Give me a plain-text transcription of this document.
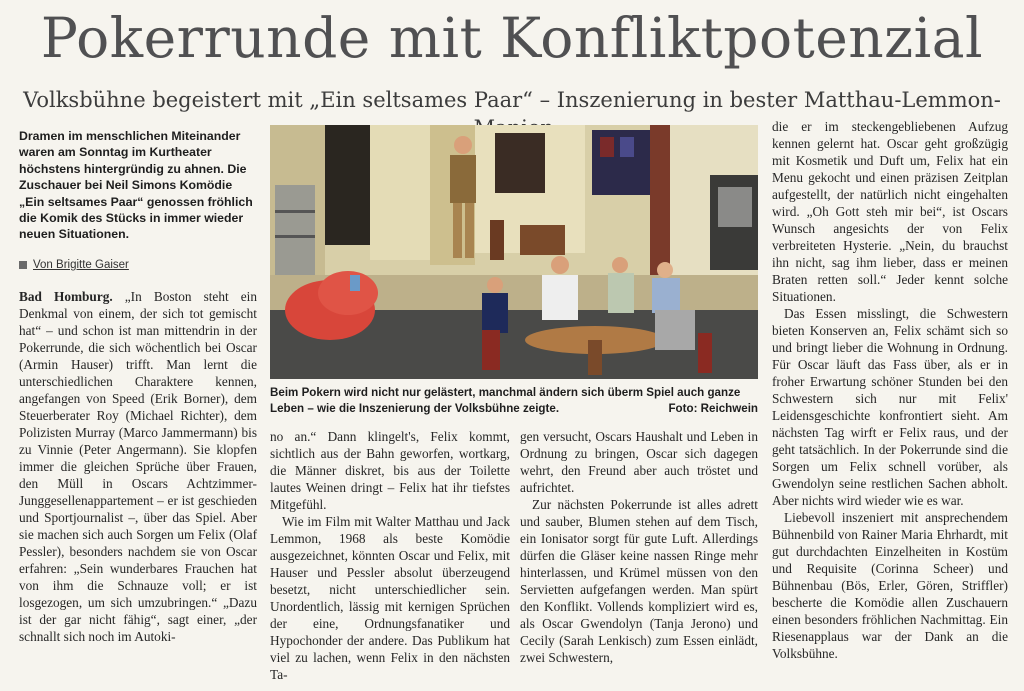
Pokerrunde mit Konfliktpotenzial
Volksbühne begeistert mit „Ein seltsames Paar“ – Inszenierung in bester Matthau-Lemmon-

Dramen im menschlichen Miteinander waren am Sonntag im Kurtheater höchstens hintergründig zu ahnen. Die Zuschauer bei Neil Simons Komödie „Ein seltsames Paar“ genossen fröhlich die Komik des Stücks in immer wieder neuen Situationen.

Von Brigitte Gaiser

Bad Homburg. „In Boston steht ein Denkmal von einem, der sich tot gemischt hat“ – und schon ist man mittendrin in der Pokerrunde, die sich wöchentlich bei Oscar (Armin Hauser) trifft. Man lernt die unterschiedlichen Charaktere kennen, angefangen von Speed (Erik Borner), dem Steuerberater Roy (Michael Richter), dem Polizisten Murray (Marco Jammermann) bis zu Vinnie (Peter Angermann). Sie klopfen immer die gleichen Sprüche über Frauen, den Müll in Oscars Achtzimmer-Junggesellenappartement – er ist geschieden und Sportjournalist –, über das Spiel. Aber sie machen sich auch Sorgen um Felix (Olaf Pessler), besonders nachdem sie von Oscar erfahren: „Sein wunderbares Frauchen hat von ihm die Schnauze voll; er ist losgezogen, um sich umzubringen.“ „Dazu ist der gar nicht fähig“, sagt einer, „der schnallt sich noch im Autoki-

Beim Pokern wird nicht nur gelästert, manchmal ändern sich überm Spiel auch ganze Leben – wie die Inszenierung der Volksbühne zeigte.	Foto: Reichwein

no an.“ Dann klingelt's, Felix kommt, sichtlich aus der Bahn geworfen, wortkarg, die Männer diskret, bis aus der Toilette lautes Weinen dringt – Felix hat ihr tiefstes Mitgefühl.

Wie im Film mit Walter Matthau und Jack Lemmon, 1968 als beste Komödie ausgezeichnet, könnten Oscar und Felix, mit Hauser und Pessler absolut überzeugend besetzt, nicht unterschiedlicher sein. Unordentlich, lässig mit kernigen Sprüchen der eine, Ordnungsfanatiker und Hypochonder der andere. Das Publikum hat viel zu lachen, wenn Felix in den nächsten Ta-

gen versucht, Oscars Haushalt und Leben in Ordnung zu bringen, Oscar sich dagegen wehrt, den Freund aber auch tröstet und aufrichtet.

Zur nächsten Pokerrunde ist alles adrett und sauber, Blumen stehen auf dem Tisch, ein Ionisator sorgt für gute Luft. Allerdings dürfen die Gläser keine nassen Ringe mehr hinterlassen, und Krümel müssen von den Servietten aufgefangen werden. Man spürt den Konflikt. Vollends kompliziert wird es, als Oscar Gwendolyn (Tanja Jerono) und Cecily (Sarah Lenkisch) zum Essen einlädt, zwei Schwestern,

die er im steckengebliebenen Aufzug kennen gelernt hat. Oscar geht großzügig mit Kosmetik und Duft um, Felix hat ein Menu gekocht und einen präzisen Zeitplan aufgestellt, der natürlich nicht eingehalten wird. „Oh Gott steh mir bei“, ist Oscars Wunsch angesichts der von Felix verbreiteten Hysterie. „Nein, du brauchst ihn nicht, sag ihm lieber, dass er meinen Braten retten soll.“ Jeder kennt solche Situationen.

Das Essen misslingt, die Schwestern bieten Konserven an, Felix schämt sich so und bringt lieber die Wohnung in Ordnung. Für Oscar läuft das Fass über, als er in froher Erwartung schöner Stunden bei den Schwestern sich nur mit Felix' Leidensgeschichte konfrontiert sieht. Am nächsten Tag wirft er Felix raus, und der geht tatsächlich. In der Pokerrunde sind die Sorgen um Felix schnell vorüber, als Gwendolyn seine restlichen Sachen abholt. Aber nichts wird wieder wie es war.

Liebevoll inszeniert mit ansprechendem Bühnenbild von Rainer Maria Ehrhardt, mit gut durchdachten Einzelheiten in Kostüm und Requisite (Corinna Scheer) und Bühnenbau (Bös, Erler, Gören, Striffler) bescherte die Komödie allen Zuschauern einen besonders fröhlichen Nachmittag. Ein Riesenapplaus war der Dank an die Volksbühne.
